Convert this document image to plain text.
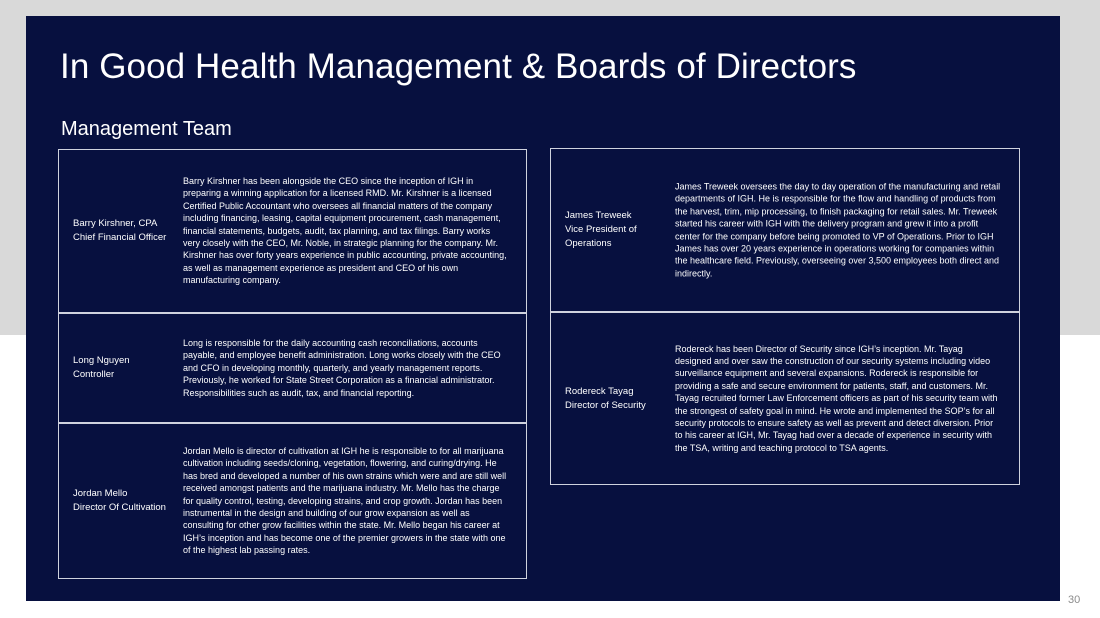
In Good Health Management & Boards of Directors
Management Team
Barry Kirshner, CPA
Chief Financial Officer
Barry Kirshner has been alongside the CEO since the inception of IGH in preparing a winning application for a licensed RMD. Mr. Kirshner is a licensed Certified Public Accountant who oversees all financial matters of the company including financing, leasing, capital equipment procurement, cash management, financial statements, budgets, audit, tax planning, and tax filings. Barry works very closely with the CEO, Mr. Noble, in strategic planning for the company. Mr. Kirshner has over forty years experience in public accounting, private accounting, as well as management experience as president and CEO of his own manufacturing company.
Long Nguyen
Controller
Long is responsible for the daily accounting cash reconciliations, accounts payable, and employee benefit administration. Long works closely with the CEO and CFO in developing monthly, quarterly, and yearly management reports. Previously, he worked for State Street Corporation as a financial administrator. Responsibilities such as audit, tax, and financial reporting.
Jordan Mello
Director Of Cultivation
Jordan Mello is director of cultivation at IGH he is responsible to for all marijuana cultivation including seeds/cloning, vegetation, flowering, and curing/drying. He has bred and developed a number of his own strains which were and are still well received amongst patients and the marijuana industry. Mr. Mello has the charge for quality control, testing, developing strains, and crop growth. Jordan has been instrumental in the design and building of our grow expansion as well as consulting for other grow facilities within the state. Mr. Mello began his career at IGH’s inception and has become one of the premier growers in the state with one of the highest lab passing rates.
James Treweek
Vice President of Operations
James Treweek oversees the day to day operation of the manufacturing and retail departments of IGH. He is responsible for the flow and handling of products from the harvest, trim, mip processing, to finish packaging for retail sales. Mr. Treweek started his career with IGH with the delivery program and grew it into a profit center for the company before being promoted to VP of Operations. Prior to IGH James has over 20 years experience in operations working for companies within the healthcare field. Previously, overseeing over 3,500 employees both direct and indirectly.
Rodereck Tayag
Director of Security
Rodereck has been Director of Security since IGH’s inception. Mr. Tayag designed and over saw the construction of our security systems including video surveillance equipment and several expansions. Rodereck is responsible for providing a safe and secure environment for patients, staff, and customers. Mr. Tayag recruited former Law Enforcement officers as part of his security team with the strongest of safety goal in mind. He wrote and implemented the SOP’s for all security protocols to ensure safety as well as prevent and detect diversion. Prior to his career at IGH, Mr. Tayag had over a decade of experience in security with the TSA, writing and teaching protocol to TSA agents.
30
